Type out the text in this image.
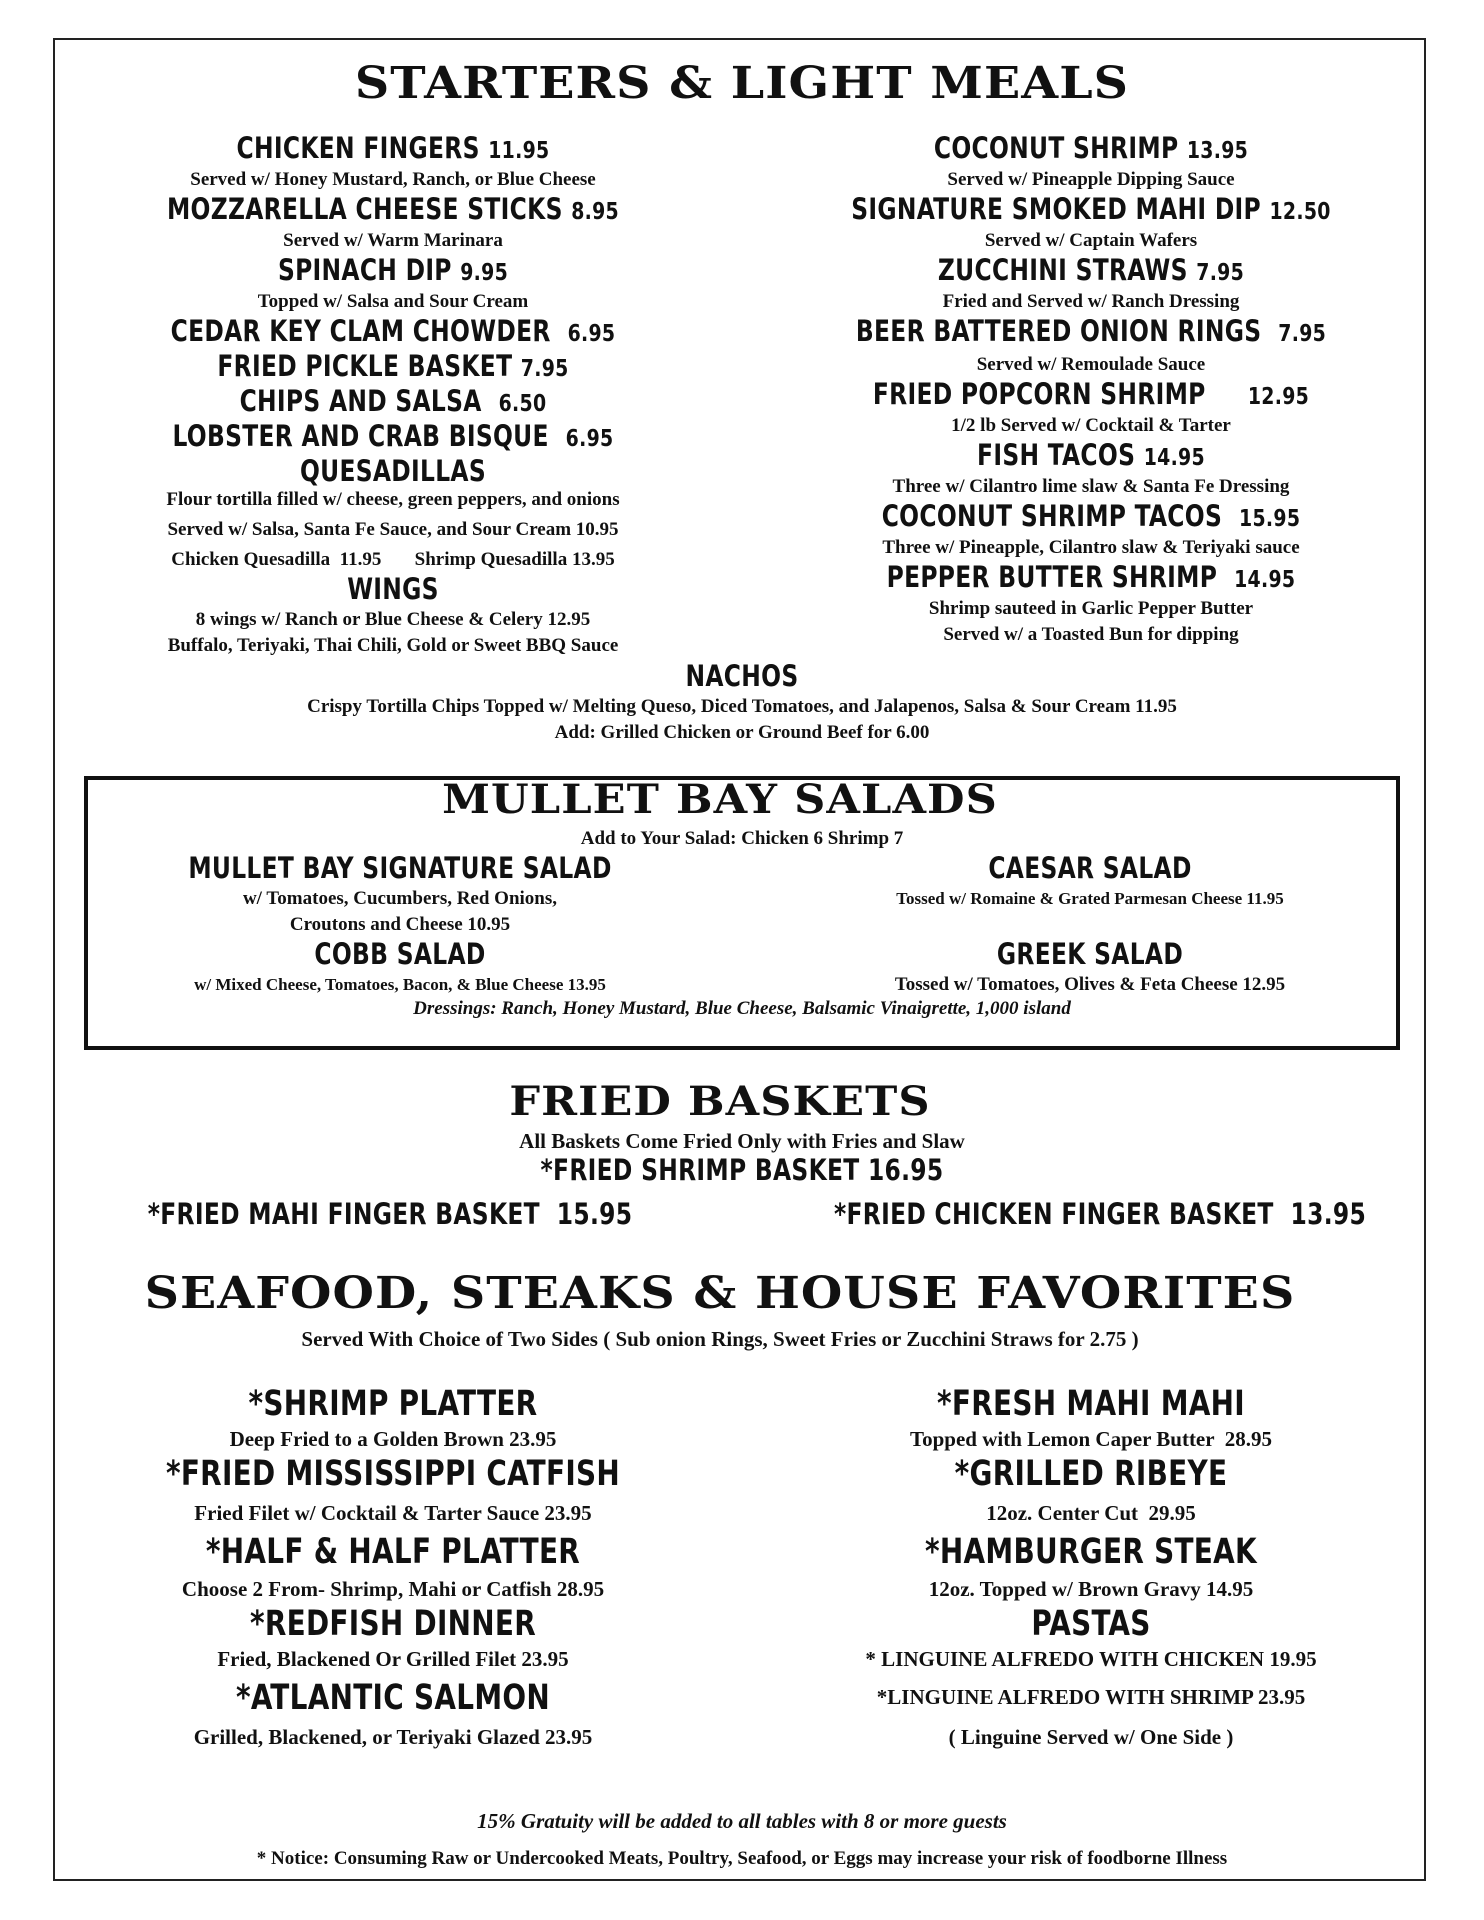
STARTERS & LIGHT MEALS
CHICKEN FINGERS 11.95
Served w/ Honey Mustard, Ranch, or Blue Cheese
MOZZARELLA CHEESE STICKS 8.95
Served w/ Warm Marinara
SPINACH DIP 9.95
Topped w/ Salsa and Sour Cream
CEDAR KEY CLAM CHOWDER 6.95
FRIED PICKLE BASKET 7.95
CHIPS AND SALSA 6.50
LOBSTER AND CRAB BISQUE 6.95
QUESADILLAS
Flour tortilla filled w/ cheese, green peppers, and onions
Served w/ Salsa, Santa Fe Sauce, and Sour Cream 10.95
Chicken Quesadilla  11.95       Shrimp Quesadilla 13.95
WINGS
8 wings w/ Ranch or Blue Cheese & Celery 12.95
Buffalo, Teriyaki, Thai Chili, Gold or Sweet BBQ Sauce
COCONUT SHRIMP 13.95
Served w/ Pineapple Dipping Sauce
SIGNATURE SMOKED MAHI DIP 12.50
Served w/ Captain Wafers
ZUCCHINI STRAWS 7.95
Fried and Served w/ Ranch Dressing
BEER BATTERED ONION RINGS 7.95
Served w/ Remoulade Sauce
FRIED POPCORN SHRIMP 12.95
1/2 lb Served w/ Cocktail & Tarter
FISH TACOS 14.95
Three w/ Cilantro lime slaw & Santa Fe Dressing
COCONUT SHRIMP TACOS 15.95
Three w/ Pineapple, Cilantro slaw & Teriyaki sauce
PEPPER BUTTER SHRIMP 14.95
Shrimp sauteed in Garlic Pepper Butter
Served w/ a Toasted Bun for dipping
NACHOS
Crispy Tortilla Chips Topped w/ Melting Queso, Diced Tomatoes, and Jalapenos, Salsa & Sour Cream 11.95
Add: Grilled Chicken or Ground Beef for 6.00
MULLET BAY SALADS
Add to Your Salad: Chicken 6 Shrimp 7
MULLET BAY SIGNATURE SALAD
w/ Tomatoes, Cucumbers, Red Onions,
Croutons and Cheese 10.95
CAESAR SALAD
Tossed w/ Romaine & Grated Parmesan Cheese 11.95
COBB SALAD
w/ Mixed Cheese, Tomatoes, Bacon, & Blue Cheese 13.95
GREEK SALAD
Tossed w/ Tomatoes, Olives & Feta Cheese 12.95
Dressings: Ranch, Honey Mustard, Blue Cheese, Balsamic Vinaigrette, 1,000 island
FRIED BASKETS
All Baskets Come Fried Only with Fries and Slaw
*FRIED SHRIMP BASKET 16.95
*FRIED MAHI FINGER BASKET  15.95	*FRIED CHICKEN FINGER BASKET  13.95
SEAFOOD, STEAKS & HOUSE FAVORITES
Served With Choice of Two Sides ( Sub onion Rings, Sweet Fries or Zucchini Straws for 2.75 )
*SHRIMP PLATTER
Deep Fried to a Golden Brown 23.95
*FRIED MISSISSIPPI CATFISH
Fried Filet w/ Cocktail & Tarter Sauce 23.95
*HALF & HALF PLATTER
Choose 2 From- Shrimp, Mahi or Catfish 28.95
*REDFISH DINNER
Fried, Blackened Or Grilled Filet 23.95
*ATLANTIC SALMON
Grilled, Blackened, or Teriyaki Glazed 23.95
*FRESH MAHI MAHI
Topped with Lemon Caper Butter  28.95
*GRILLED RIBEYE
12oz. Center Cut  29.95
*HAMBURGER STEAK
12oz. Topped w/ Brown Gravy 14.95
PASTAS
* LINGUINE ALFREDO WITH CHICKEN 19.95
*LINGUINE ALFREDO WITH SHRIMP 23.95
( Linguine Served w/ One Side )
15% Gratuity will be added to all tables with 8 or more guests
* Notice: Consuming Raw or Undercooked Meats, Poultry, Seafood, or Eggs may increase your risk of foodborne Illness
